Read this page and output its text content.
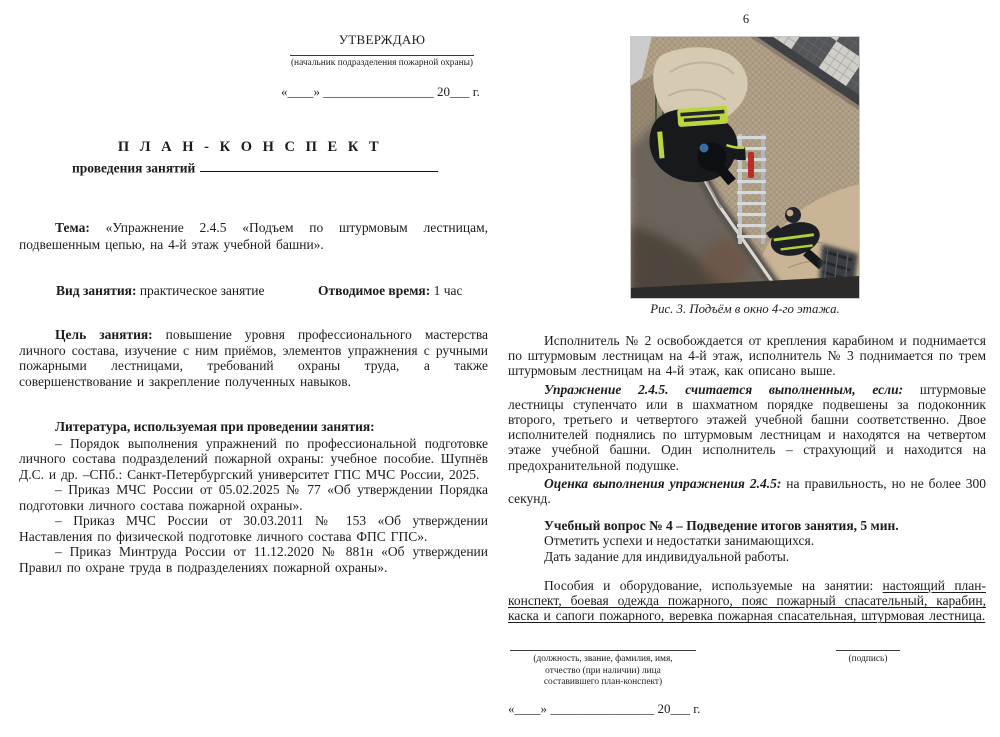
УТВЕРЖДАЮ
(начальник подразделения пожарной охраны)
«____» _________________ 20___ г.
П Л А Н - К О Н С П Е К Т
проведения занятий

Тема: «Упражнение 2.4.5 «Подъем по штурмовым лестницам, подвешенным цепью, на 4-й этаж учебной башни».

Вид занятия: практическое занятие	Отводимое время: 1 час

Цель занятия: повышение уровня профессионального мастерства личного состава, изучение с ним приёмов, элементов упражнения с ручными пожарными лестницами, требований охраны труда, а также совершенствование и закрепление полученных навыков.

Литература, используемая при проведении занятия:

– Порядок выполнения упражнений по профессиональной подготовке личного состава подразделений пожарной охраны: учебное пособие. Шупнёв Д.С. и др. –СПб.: Санкт-Петербургский университет ГПС МЧС России, 2025.

– Приказ МЧС России от 05.02.2025 № 77 «Об утверждении Порядка подготовки личного состава пожарной охраны».

– Приказ МЧС России от 30.03.2011 № 153 «Об утверждении Наставления по физической подготовке личного состава ФПС ГПС».

– Приказ Минтруда России от 11.12.2020 № 881н «Об утверждении Правил по охране труда в подразделениях пожарной охраны».

6
Рис. 3. Подъём в окно 4-го этажа.

Исполнитель № 2 освобождается от крепления карабином и поднимается по штурмовым лестницам на 4-й этаж, исполнитель № 3 поднимается по трем штурмовым лестницам на 4-й этаж, как описано выше.

Упражнение 2.4.5. считается выполненным, если: штурмовые лестницы ступенчато или в шахматном порядке подвешены за подоконник второго, третьего и четвертого этажей учебной башни соответственно. Двое исполнителей поднялись по штурмовым лестницам и находятся на четвертом этаже учебной башни. Один исполнитель – страхующий и находится на предохранительной подушке.

Оценка выполнения упражнения 2.4.5: на правильность, но не более 300 секунд.

Учебный вопрос № 4 – Подведение итогов занятия, 5 мин.

Отметить успехи и недостатки занимающихся.

Дать задание для индивидуальной работы.

Пособия и оборудование, используемые на занятии: настоящий план-конспект, боевая одежда пожарного, пояс пожарный спасательный, карабин, каска и сапоги пожарного, веревка пожарная спасательная, штурмовая лестница.

(должность, звание, фамилия, имя,
отчество (при наличии) лица
составившего план-конспект)
(подпись)
«____» ________________ 20___ г.
